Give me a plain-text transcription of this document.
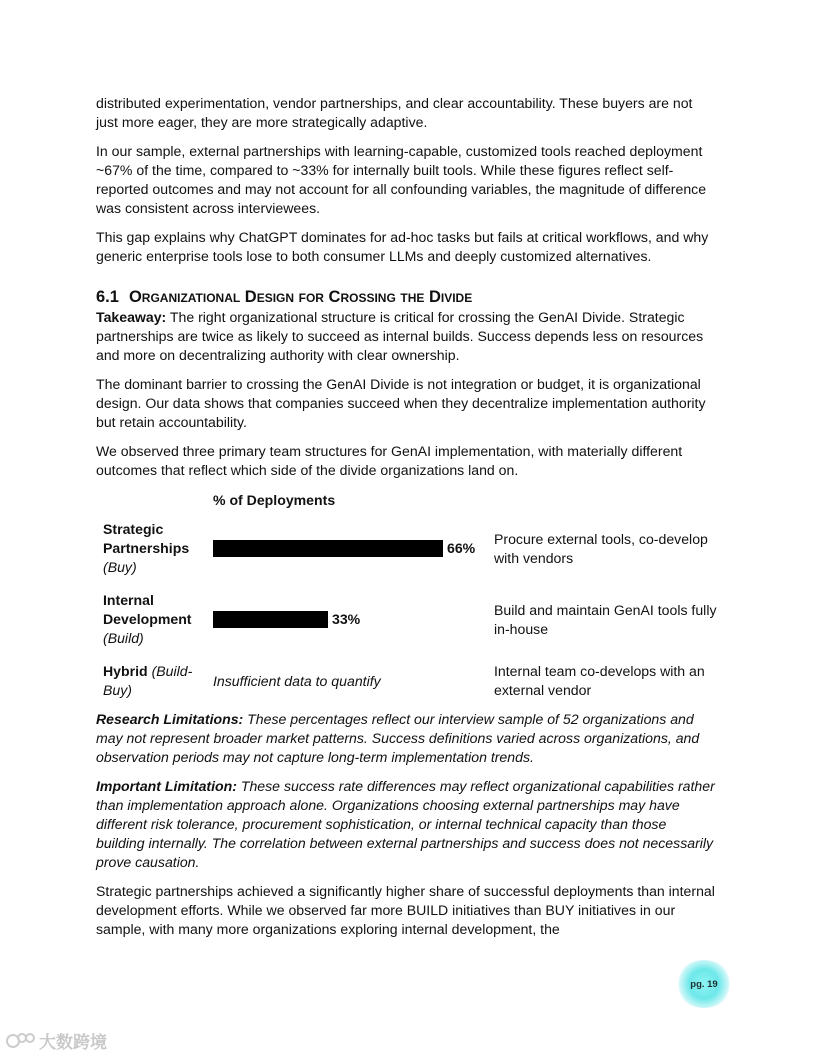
distributed experimentation, vendor partnerships, and clear accountability. These buyers are not just more eager, they are more strategically adaptive.

In our sample, external partnerships with learning-capable, customized tools reached deployment ~67% of the time, compared to ~33% for internally built tools. While these figures reflect self-reported outcomes and may not account for all confounding variables, the magnitude of difference was consistent across interviewees.

This gap explains why ChatGPT dominates for ad-hoc tasks but fails at critical workflows, and why generic enterprise tools lose to both consumer LLMs and deeply customized alternatives.

6.1 Organizational Design for Crossing the Divide

Takeaway: The right organizational structure is critical for crossing the GenAI Divide. Strategic partnerships are twice as likely to succeed as internal builds. Success depends less on resources and more on decentralizing authority with clear ownership.

The dominant barrier to crossing the GenAI Divide is not integration or budget, it is organizational design. Our data shows that companies succeed when they decentralize implementation authority but retain accountability.

We observed three primary team structures for GenAI implementation, with materially different outcomes that reflect which side of the divide organizations land on.

% of Deployments
Strategic Partnerships
(Buy)	66%	Procure external tools, co-develop with vendors
Internal Development
(Build)	33%	Build and maintain GenAI tools fully in-house
Hybrid (Build-Buy)	Insufficient data to quantify	Internal team co-develops with an external vendor

Research Limitations: These percentages reflect our interview sample of 52 organizations and may not represent broader market patterns. Success definitions varied across organizations, and observation periods may not capture long-term implementation trends.

Important Limitation: These success rate differences may reflect organizational capabilities rather than implementation approach alone. Organizations choosing external partnerships may have different risk tolerance, procurement sophistication, or internal technical capacity than those building internally. The correlation between external partnerships and success does not necessarily prove causation.

Strategic partnerships achieved a significantly higher share of successful deployments than internal development efforts. While we observed far more BUILD initiatives than BUY initiatives in our sample, with many more organizations exploring internal development, the

pg. 19
大数跨境
